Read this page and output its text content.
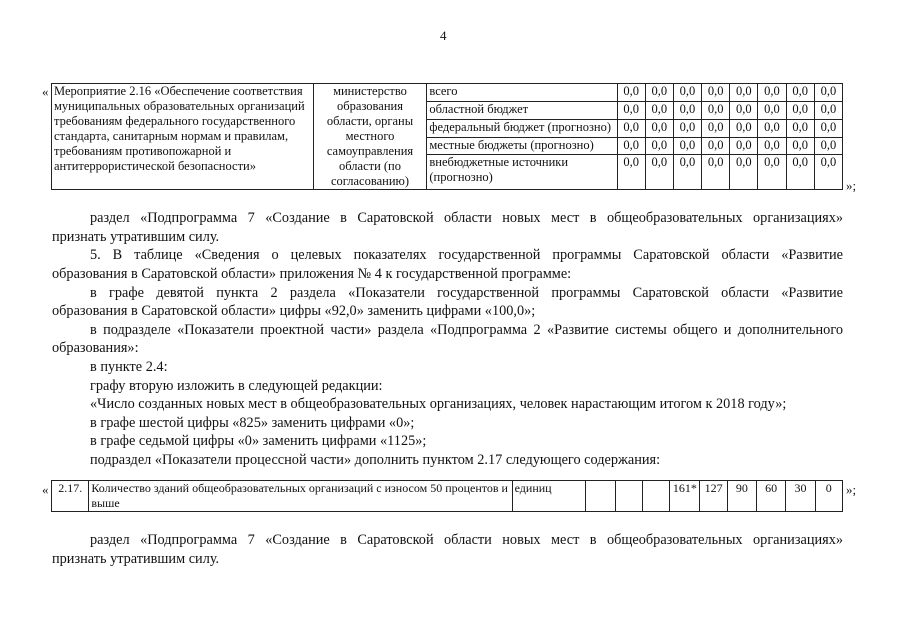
4
« Мероприятие 2.16 «Обеспечение соответствия муниципальных образовательных организаций требованиям федерального государственного стандарта, санитарным нормам и правилам, требованиям противопожарной и антитеррористической безопасности»	министерство образования области, органы местного самоуправления области (по согласованию)	всего	0,0	0,0	0,0	0,0	0,0	0,0	0,0	0,0
		областной бюджет	0,0	0,0	0,0	0,0	0,0	0,0	0,0	0,0
		федеральный бюджет (прогнозно)	0,0	0,0	0,0	0,0	0,0	0,0	0,0	0,0
		местные бюджеты (прогнозно)	0,0	0,0	0,0	0,0	0,0	0,0	0,0	0,0
		внебюджетные источники (прогнозно)	0,0	0,0	0,0	0,0	0,0	0,0	0,0	0,0
»;
раздел «Подпрограмма 7 «Создание в Саратовской области новых мест в общеобразовательных организациях»
признать утратившим силу.
5. В таблице «Сведения о целевых показателях государственной программы Саратовской области «Развитие
образования в Саратовской области» приложения № 4 к государственной программе:
в графе девятой пункта 2 раздела «Показатели государственной программы Саратовской области «Развитие
образования в Саратовской области» цифры «92,0» заменить цифрами «100,0»;
в подразделе «Показатели проектной части» раздела «Подпрограмма 2 «Развитие системы общего и дополнительного
образования»:
в пункте 2.4:
графу вторую изложить в следующей редакции:
«Число созданных новых мест в общеобразовательных организациях, человек нарастающим итогом к 2018 году»;
в графе шестой цифры «825» заменить цифрами «0»;
в графе седьмой цифры «0» заменить цифрами «1125»;
подраздел «Показатели процессной части» дополнить пунктом 2.17 следующего содержания:
« 2.17.	Количество зданий общеобразовательных организаций с износом 50 процентов и выше	единиц				161*	127	90	60	30	0 »;
раздел «Подпрограмма 7 «Создание в Саратовской области новых мест в общеобразовательных организациях»
признать утратившим силу.
